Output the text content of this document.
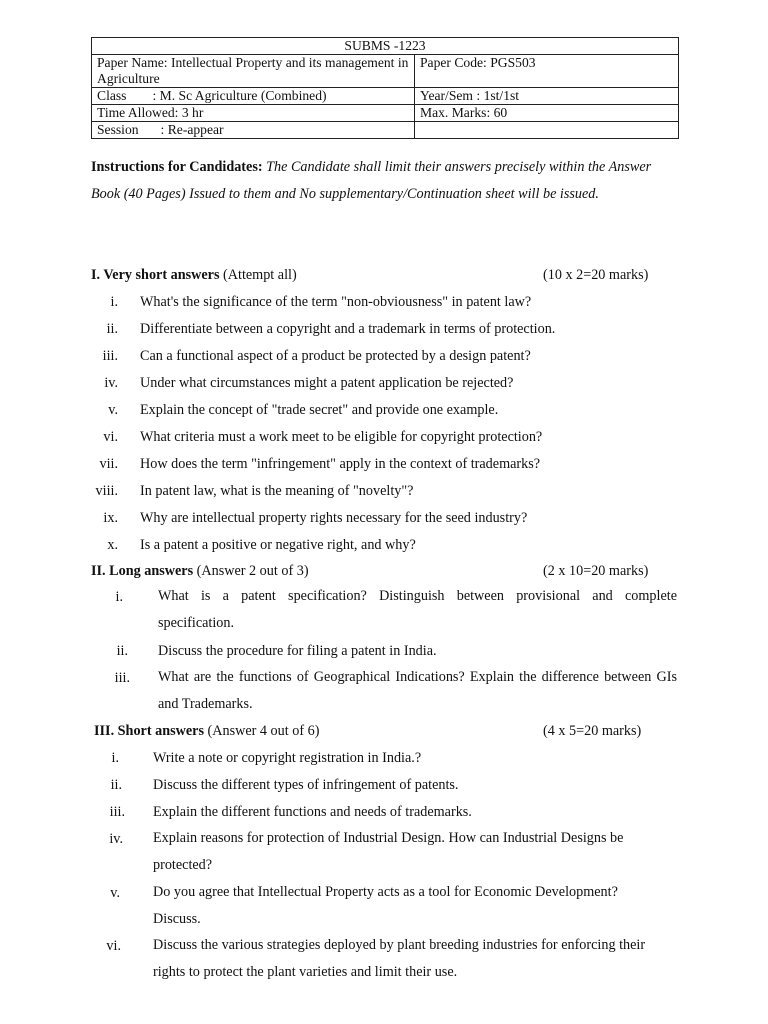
SUBMS -1223	
Paper Name: Intellectual Property and its management in Agriculture	Paper Code: PGS503
Class : M. Sc Agriculture (Combined)	Year/Sem : 1st/1st
Time Allowed: 3 hr	Max. Marks: 60
Session : Re-appear	
Instructions for Candidates: The Candidate shall limit their answers precisely within the Answer Book (40 Pages) Issued to them and No supplementary/Continuation sheet will be issued.
I. Very short answers (Attempt all)	(10 x 2=20 marks)
i. What's the significance of the term "non-obviousness" in patent law?
ii. Differentiate between a copyright and a trademark in terms of protection.
iii. Can a functional aspect of a product be protected by a design patent?
iv. Under what circumstances might a patent application be rejected?
v. Explain the concept of "trade secret" and provide one example.
vi. What criteria must a work meet to be eligible for copyright protection?
vii. How does the term "infringement" apply in the context of trademarks?
viii. In patent law, what is the meaning of "novelty"?
ix. Why are intellectual property rights necessary for the seed industry?
x. Is a patent a positive or negative right, and why?
II. Long answers (Answer 2 out of 3)	(2 x 10=20 marks)
i. What is a patent specification? Distinguish between provisional and complete specification.
ii. Discuss the procedure for filing a patent in India.
iii. What are the functions of Geographical Indications? Explain the difference between GIs and Trademarks.
III. Short answers (Answer 4 out of 6)	(4 x 5=20 marks)
i. Write a note or copyright registration in India.?
ii. Discuss the different types of infringement of patents.
iii. Explain the different functions and needs of trademarks.
iv. Explain reasons for protection of Industrial Design. How can Industrial Designs be protected?
v. Do you agree that Intellectual Property acts as a tool for Economic Development? Discuss.
vi. Discuss the various strategies deployed by plant breeding industries for enforcing their rights to protect the plant varieties and limit their use.
